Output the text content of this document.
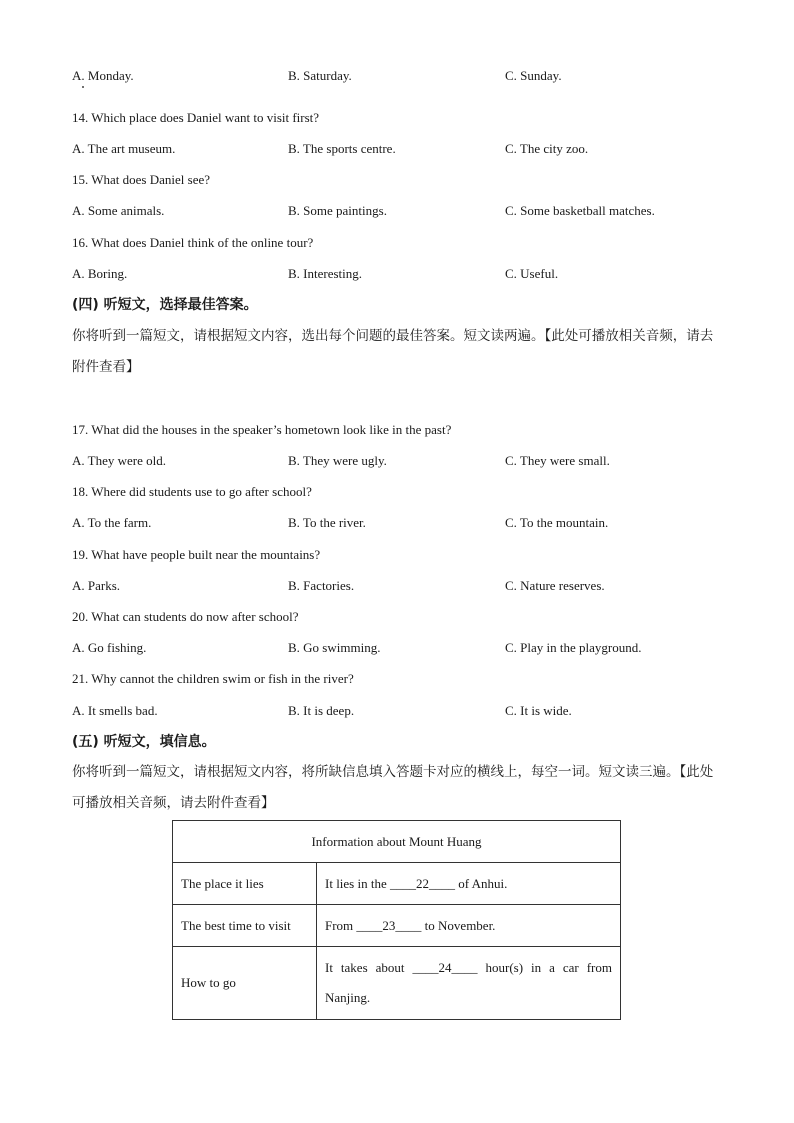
A. Monday.	B. Saturday.	C. Sunday.
14. Which place does Daniel want to visit first?
A. The art museum.	B. The sports centre.	C. The city zoo.
15. What does Daniel see?
A. Some animals.	B. Some paintings.	C. Some basketball matches.
16. What does Daniel think of the online tour?
A. Boring.	B. Interesting.	C. Useful.
(四) 听短文，选择最佳答案。
你将听到一篇短文，请根据短文内容，选出每个问题的最佳答案。短文读两遍。【此处可播放相关音频，请去附件查看】
17. What did the houses in the speaker’s hometown look like in the past?
A. They were old.	B. They were ugly.	C. They were small.
18. Where did students use to go after school?
A. To the farm.	B. To the river.	C. To the mountain.
19. What have people built near the mountains?
A. Parks.	B. Factories.	C. Nature reserves.
20. What can students do now after school?
A. Go fishing.	B. Go swimming.	C. Play in the playground.
21. Why cannot the children swim or fish in the river?
A. It smells bad.	B. It is deep.	C. It is wide.
(五) 听短文，填信息。
你将听到一篇短文，请根据短文内容，将所缺信息填入答题卡对应的横线上，每空一词。短文读三遍。【此处可播放相关音频，请去附件查看】
Information about Mount Huang	
The place it lies	It lies in the ____22____ of Anhui.
The best time to visit	From ____23____ to November.
How to go	It takes about ____24____ hour(s) in a car from Nanjing.
